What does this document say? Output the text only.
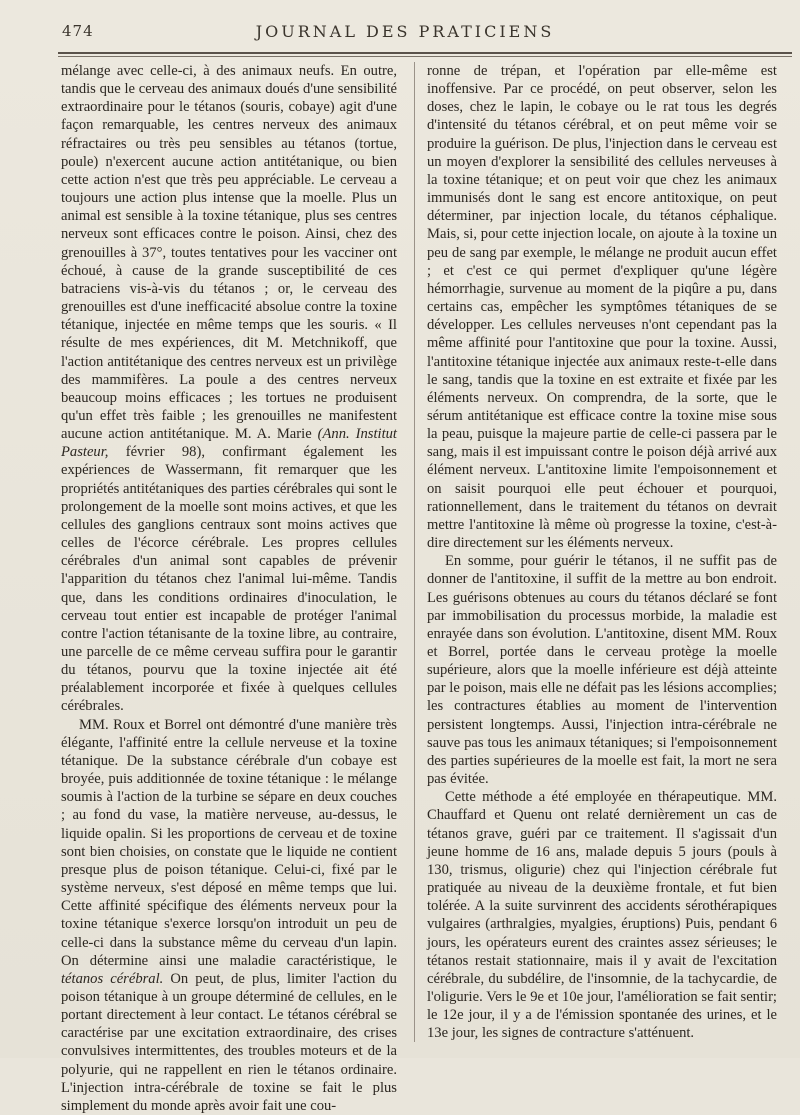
474	JOURNAL DES PRATICIENS

mélange avec celle-ci, à des animaux neufs. En outre, tandis que le cerveau des animaux doués d'une sensibilité extraordinaire pour le tétanos (souris, cobaye) agit d'une façon remarquable, les centres nerveux des animaux réfractaires ou très peu sensibles au tétanos (tortue, poule) n'exercent aucune action antitétanique, ou bien cette action n'est que très peu appréciable. Le cerveau a toujours une action plus intense que la moelle. Plus un animal est sensible à la toxine tétanique, plus ses centres nerveux sont efficaces contre le poison. Ainsi, chez des grenouilles à 37°, toutes tentatives pour les vacciner ont échoué, à cause de la grande susceptibilité de ces batraciens vis-à-vis du tétanos ; or, le cerveau des grenouilles est d'une inefficacité absolue contre la toxine tétanique, injectée en même temps que les souris. « Il résulte de mes expériences, dit M. Metchnikoff, que l'action antitétanique des centres nerveux est un privilège des mammifères. La poule a des centres nerveux beaucoup moins efficaces ; les tortues ne produisent qu'un effet très faible ; les grenouilles ne manifestent aucune action antitétanique. M. A. Marie (Ann. Institut Pasteur, février 98), confirmant également les expériences de Wassermann, fit remarquer que les propriétés antitétaniques des parties cérébrales qui sont le prolongement de la moelle sont moins actives, et que les cellules des ganglions centraux sont moins actives que celles de l'écorce cérébrale. Les propres cellules cérébrales d'un animal sont capables de prévenir l'apparition du tétanos chez l'animal lui-même. Tandis que, dans les conditions ordinaires d'inoculation, le cerveau tout entier est incapable de protéger l'animal contre l'action tétanisante de la toxine libre, au contraire, une parcelle de ce même cerveau suffira pour le garantir du tétanos, pourvu que la toxine injectée ait été préalablement incorporée et fixée à quelques cellules cérébrales.

MM. Roux et Borrel ont démontré d'une manière très élégante, l'affinité entre la cellule nerveuse et la toxine tétanique. De la substance cérébrale d'un cobaye est broyée, puis additionnée de toxine tétanique : le mélange soumis à l'action de la turbine se sépare en deux couches ; au fond du vase, la matière nerveuse, au-dessus, le liquide opalin. Si les proportions de cerveau et de toxine sont bien choisies, on constate que le liquide ne contient presque plus de poison tétanique. Celui-ci, fixé par le système nerveux, s'est déposé en même temps que lui. Cette affinité spécifique des éléments nerveux pour la toxine tétanique s'exerce lorsqu'on introduit un peu de celle-ci dans la substance même du cerveau d'un lapin. On détermine ainsi une maladie caractéristique, le tétanos cérébral. On peut, de plus, limiter l'action du poison tétanique à un groupe déterminé de cellules, en le portant directement à leur contact. Le tétanos cérébral se caractérise par une excitation extraordinaire, des crises convulsives intermittentes, des troubles moteurs et de la polyurie, qui ne rappellent en rien le tétanos ordinaire. L'injection intra-cérébrale de toxine se fait le plus simplement du monde après avoir fait une cou-

ronne de trépan, et l'opération par elle-même est inoffensive. Par ce procédé, on peut observer, selon les doses, chez le lapin, le cobaye ou le rat tous les degrés d'intensité du tétanos cérébral, et on peut même voir se produire la guérison. De plus, l'injection dans le cerveau est un moyen d'explorer la sensibilité des cellules nerveuses à la toxine tétanique; et on peut voir que chez les animaux immunisés dont le sang est encore antitoxique, on peut déterminer, par injection locale, du tétanos céphalique. Mais, si, pour cette injection locale, on ajoute à la toxine un peu de sang par exemple, le mélange ne produit aucun effet ; et c'est ce qui permet d'expliquer qu'une légère hémorrhagie, survenue au moment de la piqûre a pu, dans certains cas, empêcher les symptômes tétaniques de se développer. Les cellules nerveuses n'ont cependant pas la même affinité pour l'antitoxine que pour la toxine. Aussi, l'antitoxine tétanique injectée aux animaux reste-t-elle dans le sang, tandis que la toxine en est extraite et fixée par les éléments nerveux. On comprendra, de la sorte, que le sérum antitétanique est efficace contre la toxine mise sous la peau, puisque la majeure partie de celle-ci passera par le sang, mais il est impuissant contre le poison déjà arrivé aux élément nerveux. L'antitoxine limite l'empoisonnement et on saisit pourquoi elle peut échouer et pourquoi, rationnellement, dans le traitement du tétanos on devrait mettre l'antitoxine là même où progresse la toxine, c'est-à-dire directement sur les éléments nerveux.

En somme, pour guérir le tétanos, il ne suffit pas de donner de l'antitoxine, il suffit de la mettre au bon endroit. Les guérisons obtenues au cours du tétanos déclaré se font par immobilisation du processus morbide, la maladie est enrayée dans son évolution. L'antitoxine, disent MM. Roux et Borrel, portée dans le cerveau protège la moelle supérieure, alors que la moelle inférieure est déjà atteinte par le poison, mais elle ne défait pas les lésions accomplies; les contractures établies au moment de l'intervention persistent longtemps. Aussi, l'injection intra-cérébrale ne sauve pas tous les animaux tétaniques; si l'empoisonnement des parties supérieures de la moelle est fait, la mort ne sera pas évitée.

Cette méthode a été employée en thérapeutique. MM. Chauffard et Quenu ont relaté dernièrement un cas de tétanos grave, guéri par ce traitement. Il s'agissait d'un jeune homme de 16 ans, malade depuis 5 jours (pouls à 130, trismus, oligurie) chez qui l'injection cérébrale fut pratiquée au niveau de la deuxième frontale, et fut bien tolérée. A la suite survinrent des accidents sérothérapiques vulgaires (arthralgies, myalgies, éruptions) Puis, pendant 6 jours, les opérateurs eurent des craintes assez sérieuses; le tétanos restait stationnaire, mais il y avait de l'excitation cérébrale, du subdélire, de l'insomnie, de la tachycardie, de l'oligurie. Vers le 9e et 10e jour, l'amélioration se fait sentir; le 12e jour, il y a de l'émission spontanée des urines, et le 13e jour, les signes de contracture s'atténuent.
